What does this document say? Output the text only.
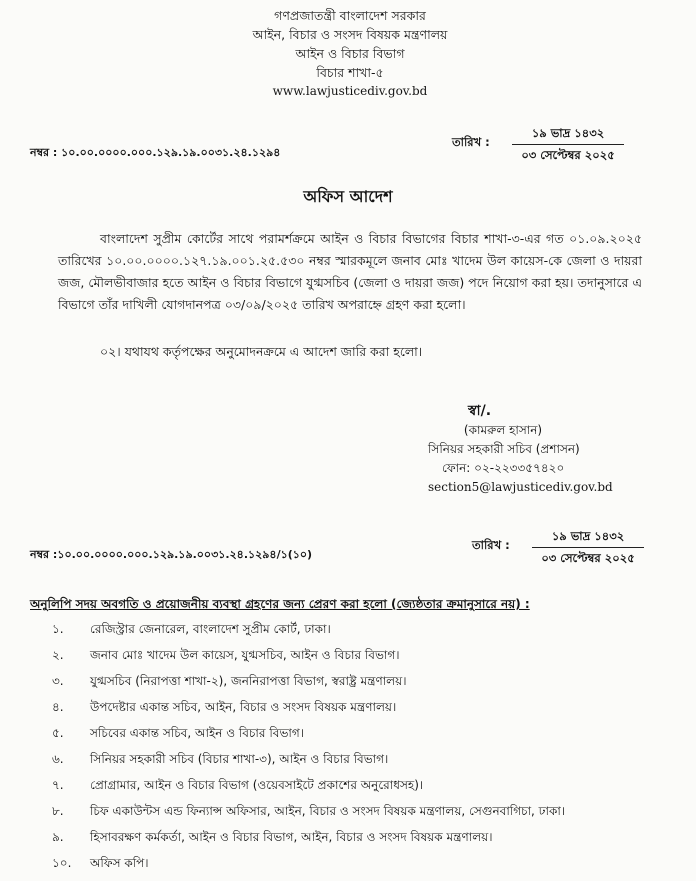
গণপ্রজাতন্ত্রী বাংলাদেশ সরকার
আইন, বিচার ও সংসদ বিষয়ক মন্ত্রণালয়
আইন ও বিচার বিভাগ
বিচার শাখা-৫
www.lawjusticediv.gov.bd
নম্বর : ১০.০০.০০০০.০০০.১২৯.১৯.০০৩১.২৪.১২৯৪
তারিখ :
১৯ ভাদ্র ১৪৩২
০৩ সেপ্টেম্বর ২০২৫
অফিস আদেশ
বাংলাদেশ সুপ্রীম কোর্টের সাথে পরামর্শক্রমে আইন ও বিচার বিভাগের বিচার শাখা-৩-এর গত ০১.০৯.২০২৫ তারিখের ১০.০০.০০০০.১২৭.১৯.০০১.২৫.৫৩০ নম্বর স্মারকমূলে জনাব মোঃ খাদেম উল কায়েস-কে জেলা ও দায়রা জজ, মৌলভীবাজার হতে আইন ও বিচার বিভাগে যুগ্মসচিব (জেলা ও দায়রা জজ) পদে নিয়োগ করা হয়। তদানুসারে এ বিভাগে তাঁর দাখিলী যোগদানপত্র ০৩/০৯/২০২৫ তারিখ অপরাহ্নে গ্রহণ করা হলো।
০২। যথাযথ কর্তৃপক্ষের অনুমোদনক্রমে এ আদেশ জারি করা হলো।
স্বা/.
(কামরুল হাসান)
সিনিয়র সহকারী সচিব (প্রশাসন)
ফোন: ০২-২২৩৩৫৭৪২০
section5@lawjusticediv.gov.bd
নম্বর :১০.০০.০০০০.০০০.১২৯.১৯.০০৩১.২৪.১২৯৪/১(১০)
তারিখ :
১৯ ভাদ্র ১৪৩২
০৩ সেপ্টেম্বর ২০২৫
অনুলিপি সদয় অবগতি ও প্রয়োজনীয় ব্যবস্থা গ্রহণের জন্য প্রেরণ করা হলো (জ্যেষ্ঠতার ক্রমানুসারে নয়) :
১.	রেজিস্ট্রার জেনারেল, বাংলাদেশ সুপ্রীম কোর্ট, ঢাকা।
২.	জনাব মোঃ খাদেম উল কায়েস, যুগ্মসচিব, আইন ও বিচার বিভাগ।
৩.	যুগ্মসচিব (নিরাপত্তা শাখা-২), জননিরাপত্তা বিভাগ, স্বরাষ্ট্র মন্ত্রণালয়।
৪.	উপদেষ্টার একান্ত সচিব, আইন, বিচার ও সংসদ বিষয়ক মন্ত্রণালয়।
৫.	সচিবের একান্ত সচিব, আইন ও বিচার বিভাগ।
৬.	সিনিয়র সহকারী সচিব (বিচার শাখা-৩), আইন ও বিচার বিভাগ।
৭.	প্রোগ্রামার, আইন ও বিচার বিভাগ (ওয়েবসাইটে প্রকাশের অনুরোধসহ)।
৮.	চিফ একাউন্টস এন্ড ফিন্যান্স অফিসার, আইন, বিচার ও সংসদ বিষয়ক মন্ত্রণালয়, সেগুনবাগিচা, ঢাকা।
৯.	হিসাবরক্ষণ কর্মকর্তা, আইন ও বিচার বিভাগ, আইন, বিচার ও সংসদ বিষয়ক মন্ত্রণালয়।
১০.	অফিস কপি।
